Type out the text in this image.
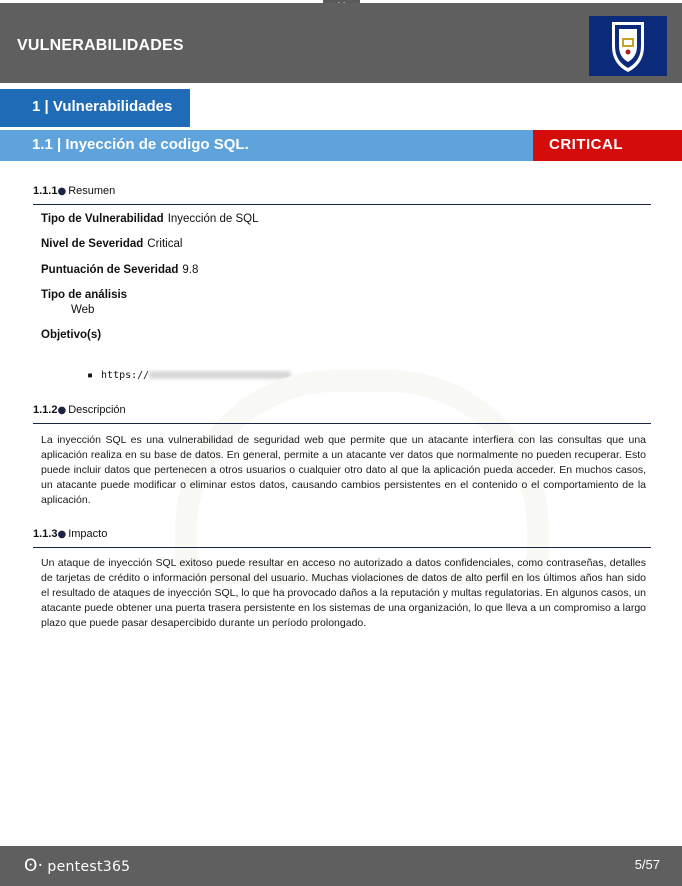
VULNERABILIDADES
1 | Vulnerabilidades
1.1 | Inyección de codigo SQL.	CRITICAL
1.1.1● Resumen
Tipo de Vulnerabilidad Inyección de SQL
Nivel de Severidad Critical
Puntuación de Severidad 9.8
Tipo de análisis
Web
Objetivo(s)
▪ https://
1.1.2● Descripción
La inyección SQL es una vulnerabilidad de seguridad web que permite que un atacante interfiera con las consultas que una aplicación realiza en su base de datos. En general, permite a un atacante ver datos que normalmente no pueden recuperar. Esto puede incluir datos que pertenecen a otros usuarios o cualquier otro dato al que la aplicación pueda acceder. En muchos casos, un atacante puede modificar o eliminar estos datos, causando cambios persistentes en el contenido o el comportamiento de la aplicación.
1.1.3● Impacto
Un ataque de inyección SQL exitoso puede resultar en acceso no autorizado a datos confidenciales, como contraseñas, detalles de tarjetas de crédito o información personal del usuario. Muchas violaciones de datos de alto perfil en los últimos años han sido el resultado de ataques de inyección SQL, lo que ha provocado daños a la reputación y multas regulatorias. En algunos casos, un atacante puede obtener una puerta trasera persistente en los sistemas de una organización, lo que lleva a un compromiso a largo plazo que puede pasar desapercibido durante un período prolongado.
ʘ· pentest365	5/57
